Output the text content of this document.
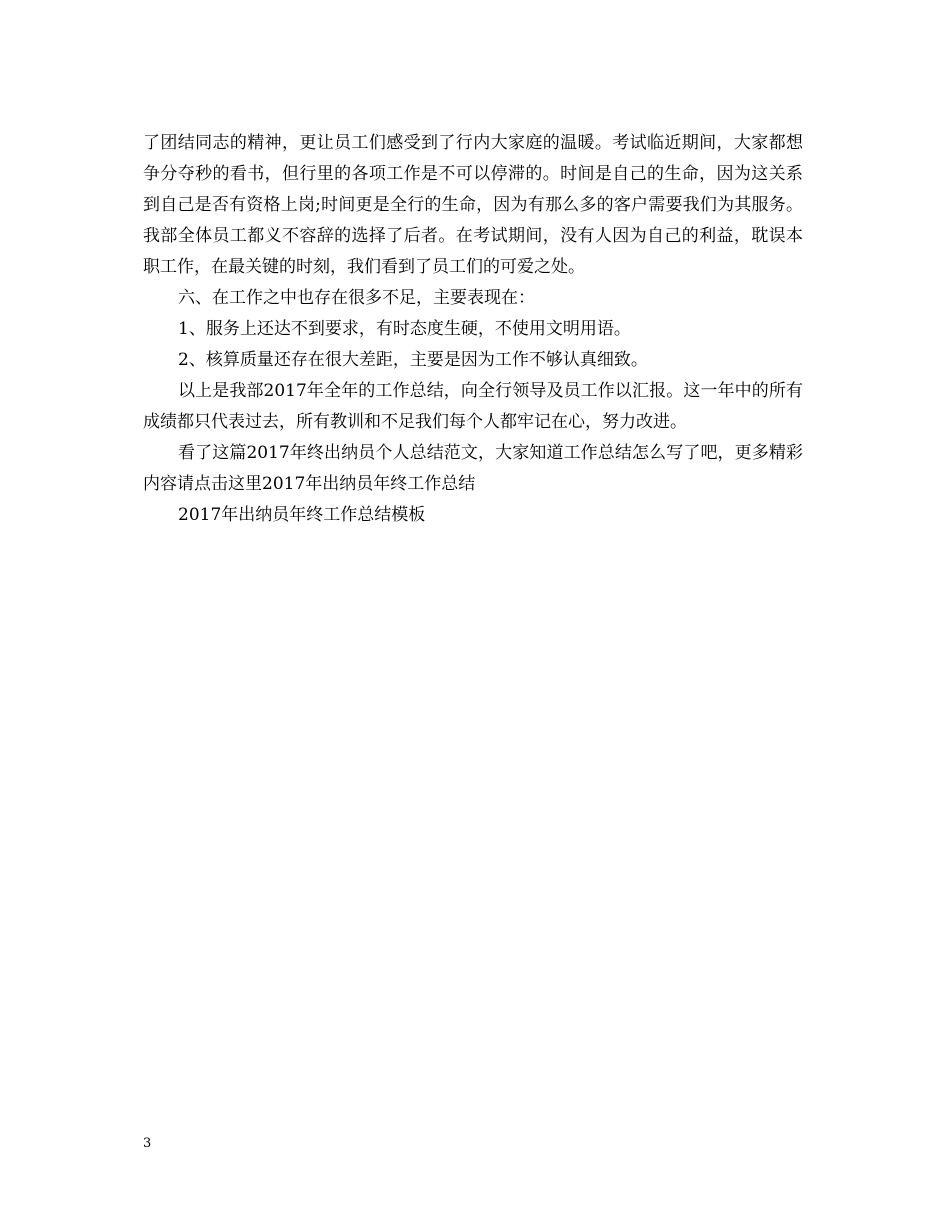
了团结同志的精神，更让员工们感受到了行内大家庭的温暖。考试临近期间，大家都想争分夺秒的看书，但行里的各项工作是不可以停滞的。时间是自己的生命，因为这关系到自己是否有资格上岗;时间更是全行的生命，因为有那么多的客户需要我们为其服务。我部全体员工都义不容辞的选择了后者。在考试期间，没有人因为自己的利益，耽误本职工作，在最关键的时刻，我们看到了员工们的可爱之处。

六、在工作之中也存在很多不足，主要表现在：

1、服务上还达不到要求，有时态度生硬，不使用文明用语。

2、核算质量还存在很大差距，主要是因为工作不够认真细致。

以上是我部2017年全年的工作总结，向全行领导及员工作以汇报。这一年中的所有成绩都只代表过去，所有教训和不足我们每个人都牢记在心，努力改进。

看了这篇2017年终出纳员个人总结范文，大家知道工作总结怎么写了吧，更多精彩内容请点击这里2017年出纳员年终工作总结

2017年出纳员年终工作总结模板

3
